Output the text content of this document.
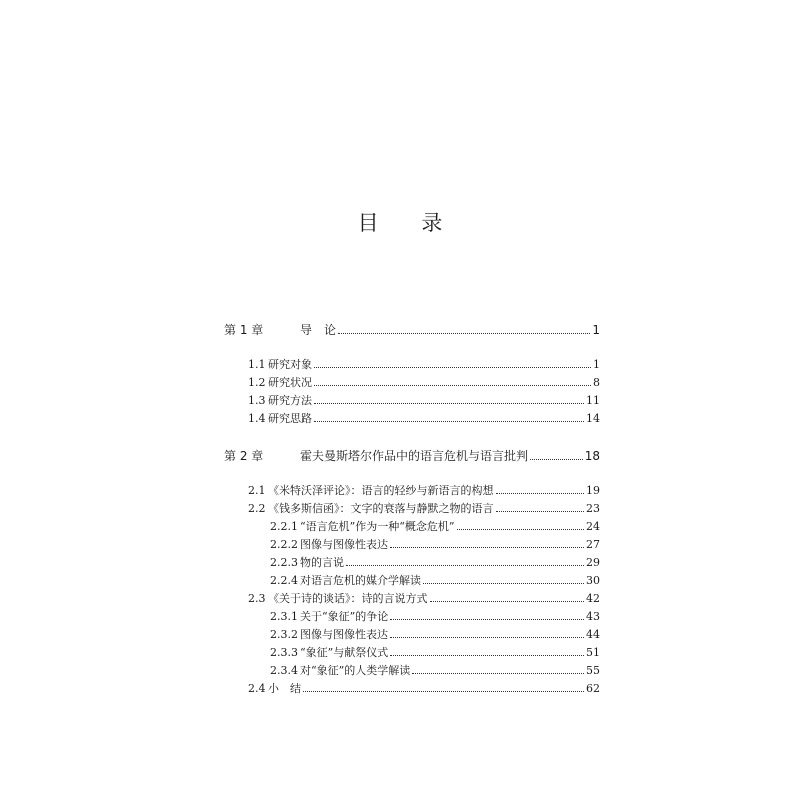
目 录
第 1 章	导　论	1
1.1 研究对象	1
1.2 研究状况	8
1.3 研究方法	11
1.4 研究思路	14
第 2 章	霍夫曼斯塔尔作品中的语言危机与语言批判	18
2.1 《米特沃泽评论》：语言的轻纱与新语言的构想	19
2.2 《钱多斯信函》：文字的衰落与静默之物的语言	23
2.2.1 “语言危机”作为一种“概念危机”	24
2.2.2 图像与图像性表达	27
2.2.3 物的言说	29
2.2.4 对语言危机的媒介学解读	30
2.3 《关于诗的谈话》：诗的言说方式	42
2.3.1 关于“象征”的争论	43
2.3.2 图像与图像性表达	44
2.3.3 “象征”与献祭仪式	51
2.3.4 对“象征”的人类学解读	55
2.4 小　结	62
